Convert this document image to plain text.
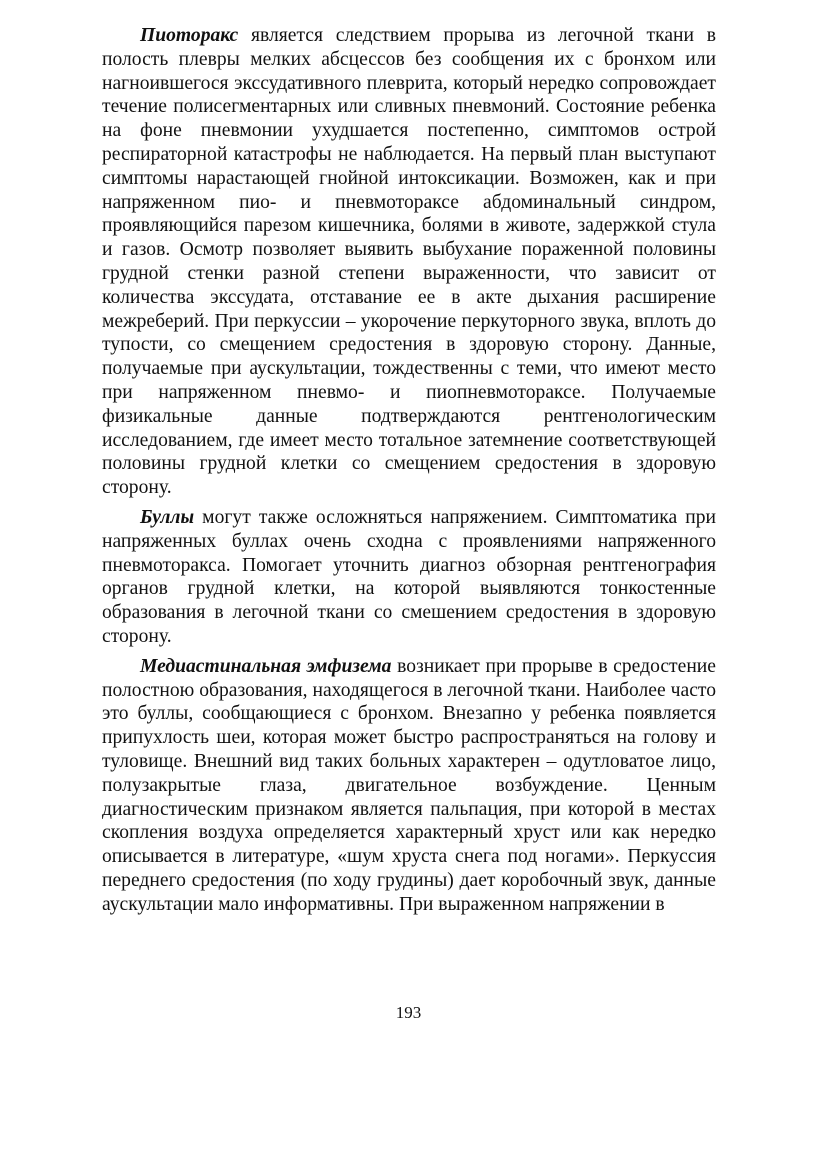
Пиоторакс является следствием прорыва из легочной ткани в полость плевры мелких абсцессов без сообщения их с бронхом или нагноившегося экссудативного плеврита, который нередко сопровождает течение полисегментарных или сливных пневмоний. Состояние ребенка на фоне пневмонии ухудшается постепенно, симптомов острой респираторной катастрофы не наблюдается. На первый план выступают симптомы нарастающей гнойной интоксикации. Возможен, как и при напряженном пио- и пневмотораксе абдоминальный синдром, проявляющийся парезом кишечника, болями в животе, задержкой стула и газов. Осмотр позволяет выявить выбухание пораженной половины грудной стенки разной степени выраженности, что зависит от количества экссудата, отставание ее в акте дыхания расширение межреберий. При перкуссии – укорочение перкуторного звука, вплоть до тупости, со смещением средостения в здоровую сторону. Данные, получаемые при аускультации, тождественны с теми, что имеют место при напряженном пневмо- и пиопневмотораксе. Получаемые физикальные данные подтверждаются рентгенологическим исследованием, где имеет место тотальное затемнение соответствующей половины грудной клетки со смещением средостения в здоровую сторону.

Буллы могут также осложняться напряжением. Симптоматика при напряженных буллах очень сходна с проявлениями напряженного пневмоторакса. Помогает уточнить диагноз обзорная рентгенография органов грудной клетки, на которой выявляются тонкостенные образования в легочной ткани со смешением средостения в здоровую сторону.

Медиастинальная эмфизема возникает при прорыве в средостение полостною образования, находящегося в легочной ткани. Наиболее часто это буллы, сообщающиеся с бронхом. Внезапно у ребенка появляется припухлость шеи, которая может быстро распространяться на голову и туловище. Внешний вид таких больных характерен – одутловатое лицо, полузакрытые глаза, двигательное возбуждение. Ценным диагностическим признаком является пальпация, при которой в местах скопления воздуха определяется характерный хруст или как нередко описывается в литературе, «шум хруста снега под ногами». Перкуссия переднего средостения (по ходу грудины) дает коробочный звук, данные аускультации мало информативны. При выраженном напряжении в

193
